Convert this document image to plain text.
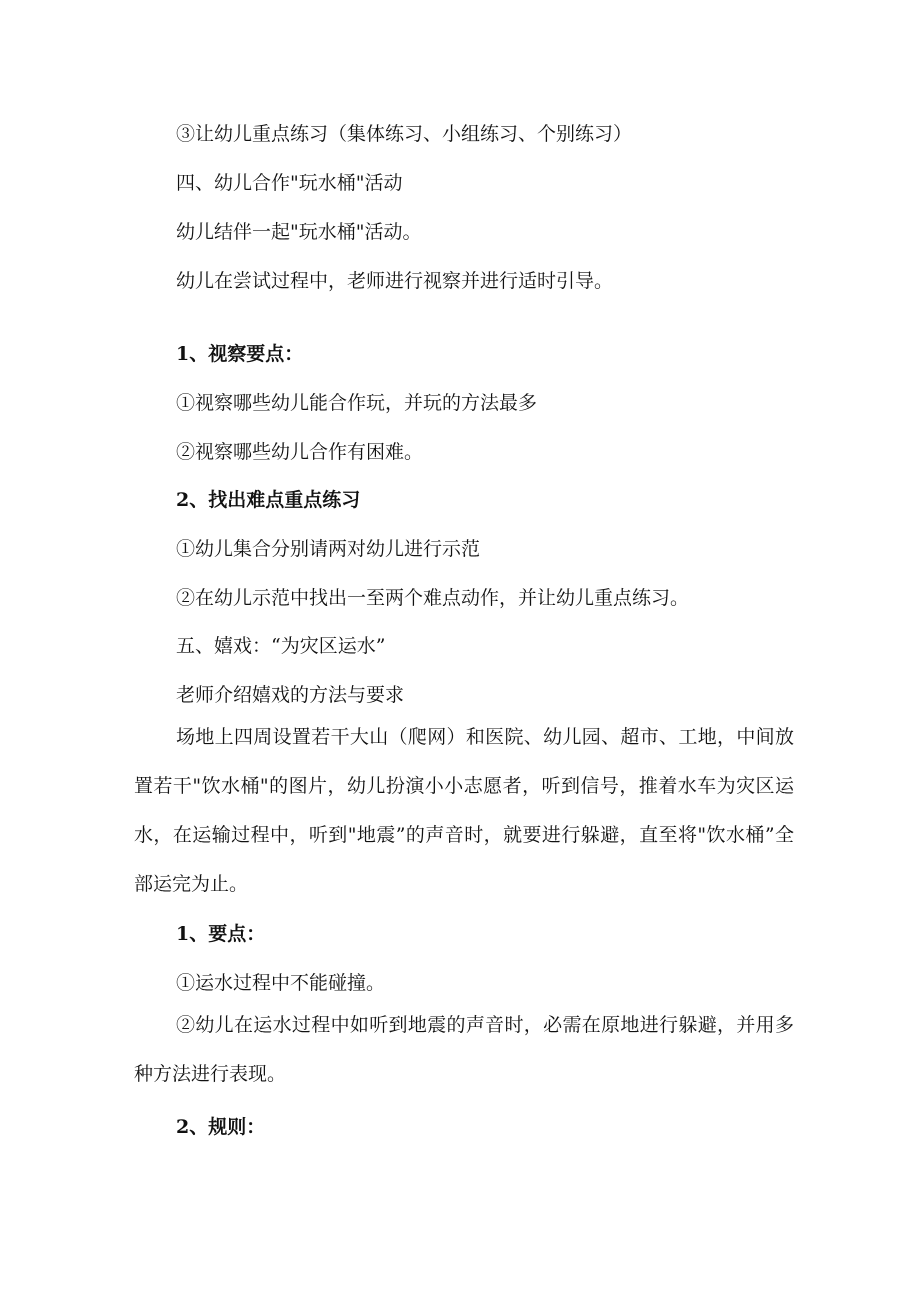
③让幼儿重点练习（集体练习、小组练习、个别练习）

四、幼儿合作"玩水桶"活动

幼儿结伴一起"玩水桶"活动。

幼儿在尝试过程中，老师进行视察并进行适时引导。

1、视察要点：

①视察哪些幼儿能合作玩，并玩的方法最多

②视察哪些幼儿合作有困难。

2、找出难点重点练习

①幼儿集合分别请两对幼儿进行示范

②在幼儿示范中找出一至两个难点动作，并让幼儿重点练习。

五、嬉戏：“为灾区运水”

老师介绍嬉戏的方法与要求

场地上四周设置若干大山（爬网）和医院、幼儿园、超市、工地，中间放置若干"饮水桶"的图片，幼儿扮演小小志愿者，听到信号，推着水车为灾区运水，在运输过程中，听到"地震”的声音时，就要进行躲避，直至将"饮水桶”全部运完为止。

1、要点：

①运水过程中不能碰撞。

②幼儿在运水过程中如听到地震的声音时，必需在原地进行躲避，并用多种方法进行表现。

2、规则：
